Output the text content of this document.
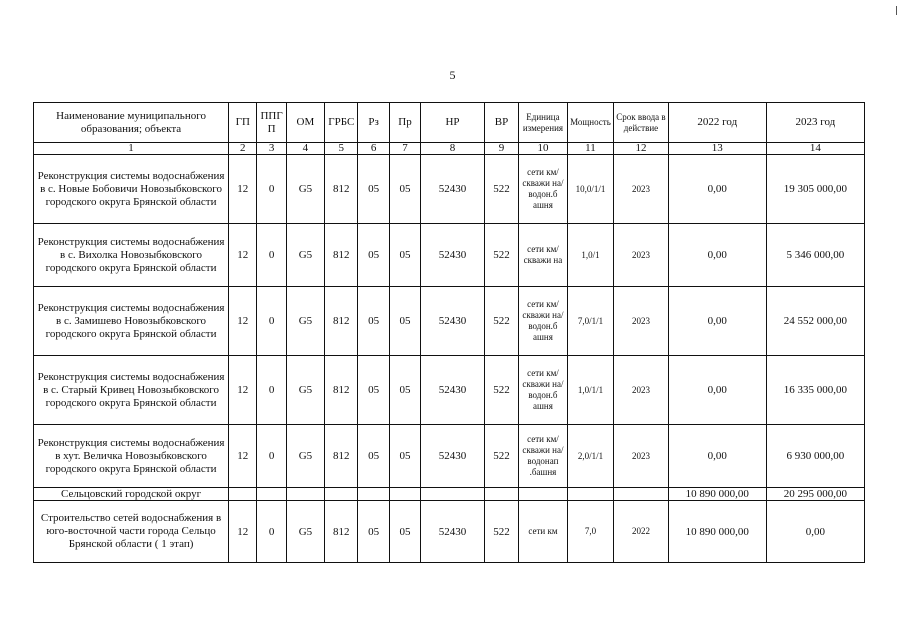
5
Наименование муниципального образования; объекта	ГП	ППГ П	ОМ	ГРБС	Рз	Пр	НР	ВР	Единица измерения	Мощность	Срок ввода в действие	2022 год	2023 год
1	2	3	4	5	6	7	8	9	10	11	12	13	14
Реконструкция системы водоснабжения в с. Новые Бобовичи Новозыбковского городского округа Брянской области	12	0	G5	812	05	05	52430	522	сети км/скважи на/водон.б ашня	10,0/1/1	2023	0,00	19 305 000,00
Реконструкция системы водоснабжения в с. Вихолка Новозыбковского городского округа Брянской области	12	0	G5	812	05	05	52430	522	сети км/скважи на	1,0/1	2023	0,00	5 346 000,00
Реконструкция системы водоснабжения в с. Замишево Новозыбковского городского округа Брянской области	12	0	G5	812	05	05	52430	522	сети км/скважи на/водон.б ашня	7,0/1/1	2023	0,00	24 552 000,00
Реконструкция системы водоснабжения в с. Старый Кривец Новозыбковского городского округа Брянской области	12	0	G5	812	05	05	52430	522	сети км/скважи на/водон.б ашня	1,0/1/1	2023	0,00	16 335 000,00
Реконструкция системы водоснабжения в хут. Величка Новозыбковского городского округа Брянской области	12	0	G5	812	05	05	52430	522	сети км/скважи на/водонап .башня	2,0/1/1	2023	0,00	6 930 000,00
Сельцовский городской округ												10 890 000,00	20 295 000,00
Строительство сетей водоснабжения в юго-восточной части города Сельцо Брянской области ( 1 этап)	12	0	G5	812	05	05	52430	522	сети км	7,0	2022	10 890 000,00	0,00
